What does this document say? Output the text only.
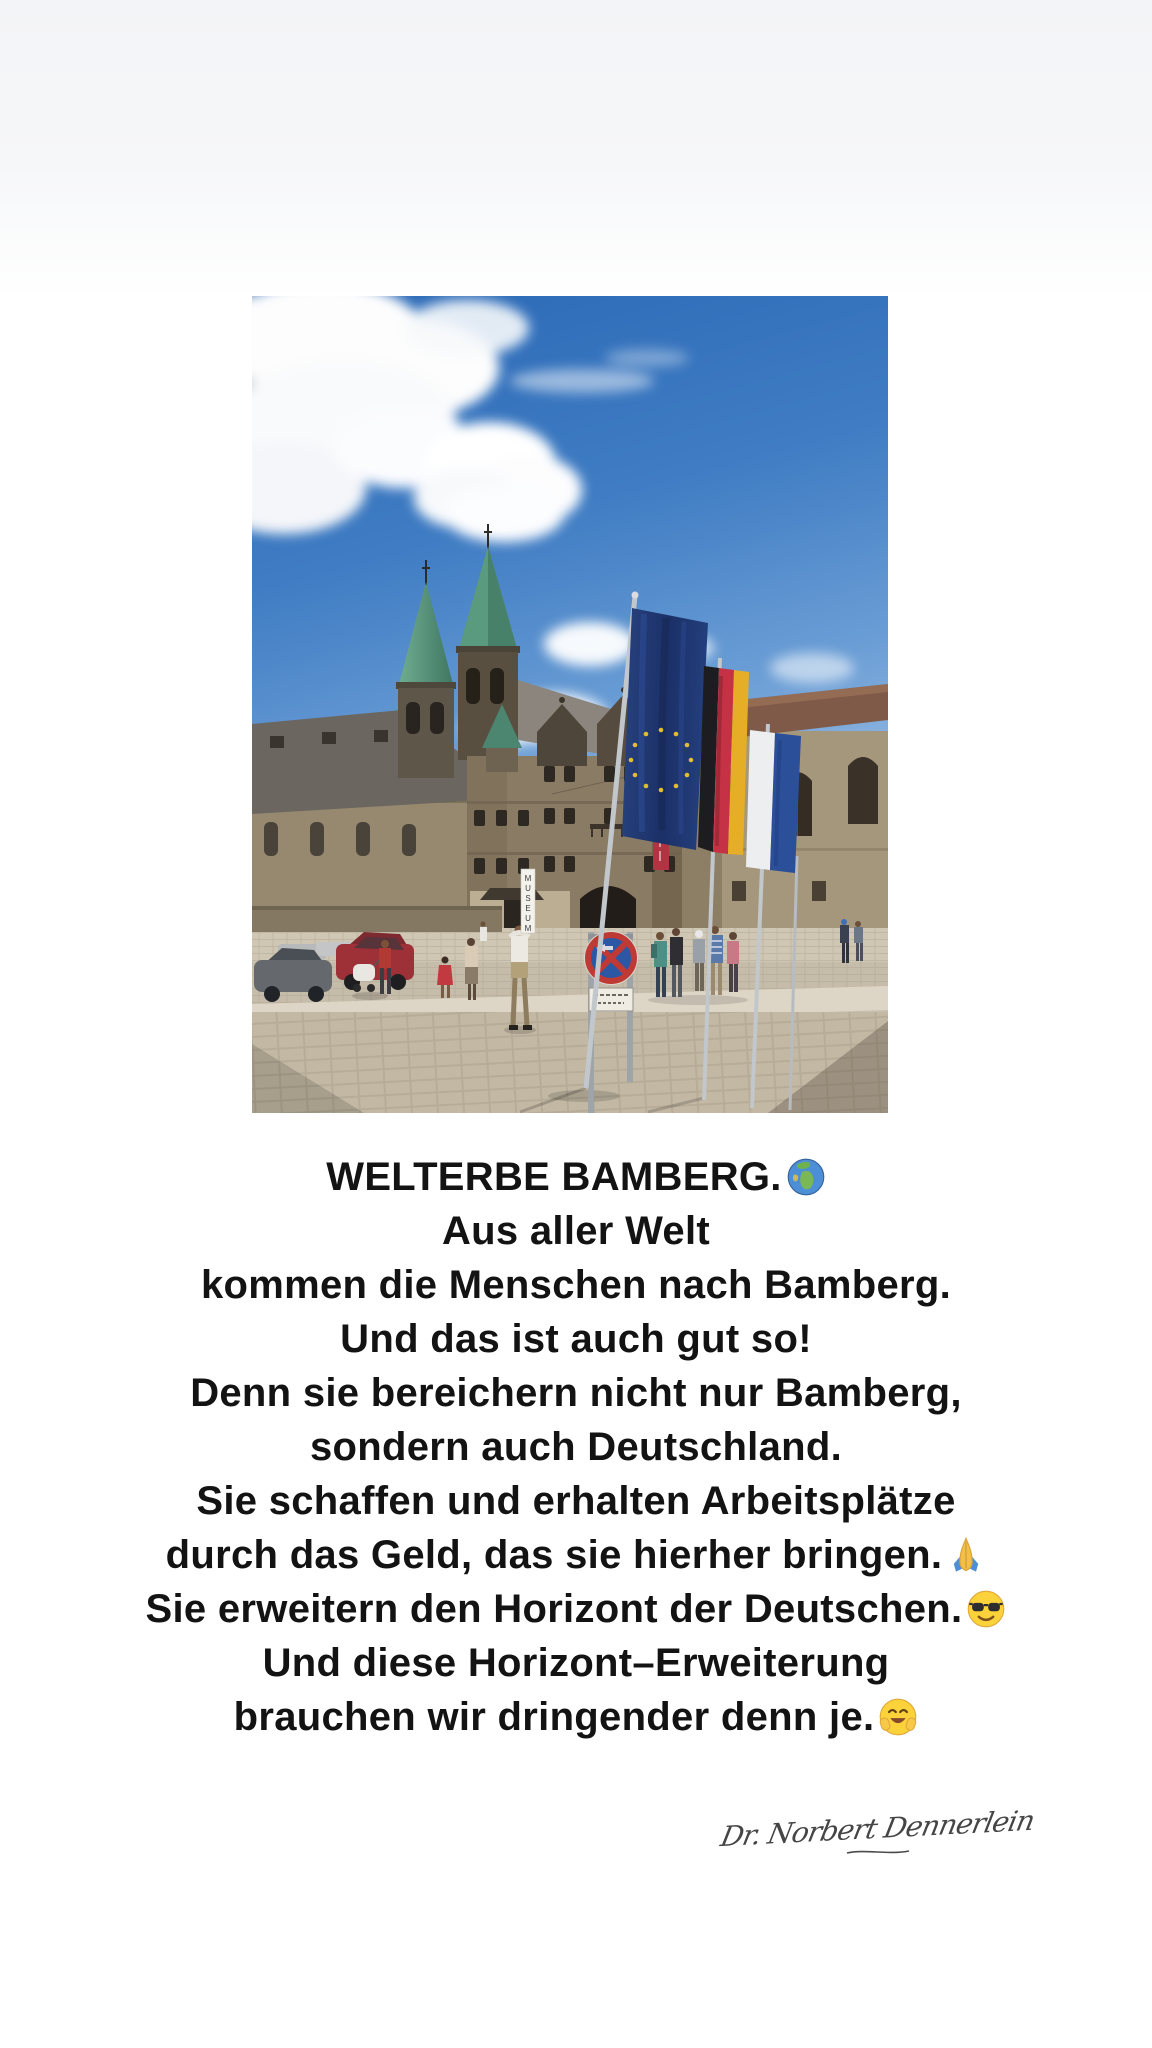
MUSEUM
WELTERBE BAMBERG.
Aus aller Welt
kommen die Menschen nach Bamberg.
Und das ist auch gut so!
Denn sie bereichern nicht nur Bamberg,
sondern auch Deutschland.
Sie schaffen und erhalten Arbeitsplätze
durch das Geld, das sie hierher bringen.
Sie erweitern den Horizont der Deutschen.
Und diese Horizont–Erweiterung
brauchen wir dringender denn je.
Dr. Norbert Dennerlein
